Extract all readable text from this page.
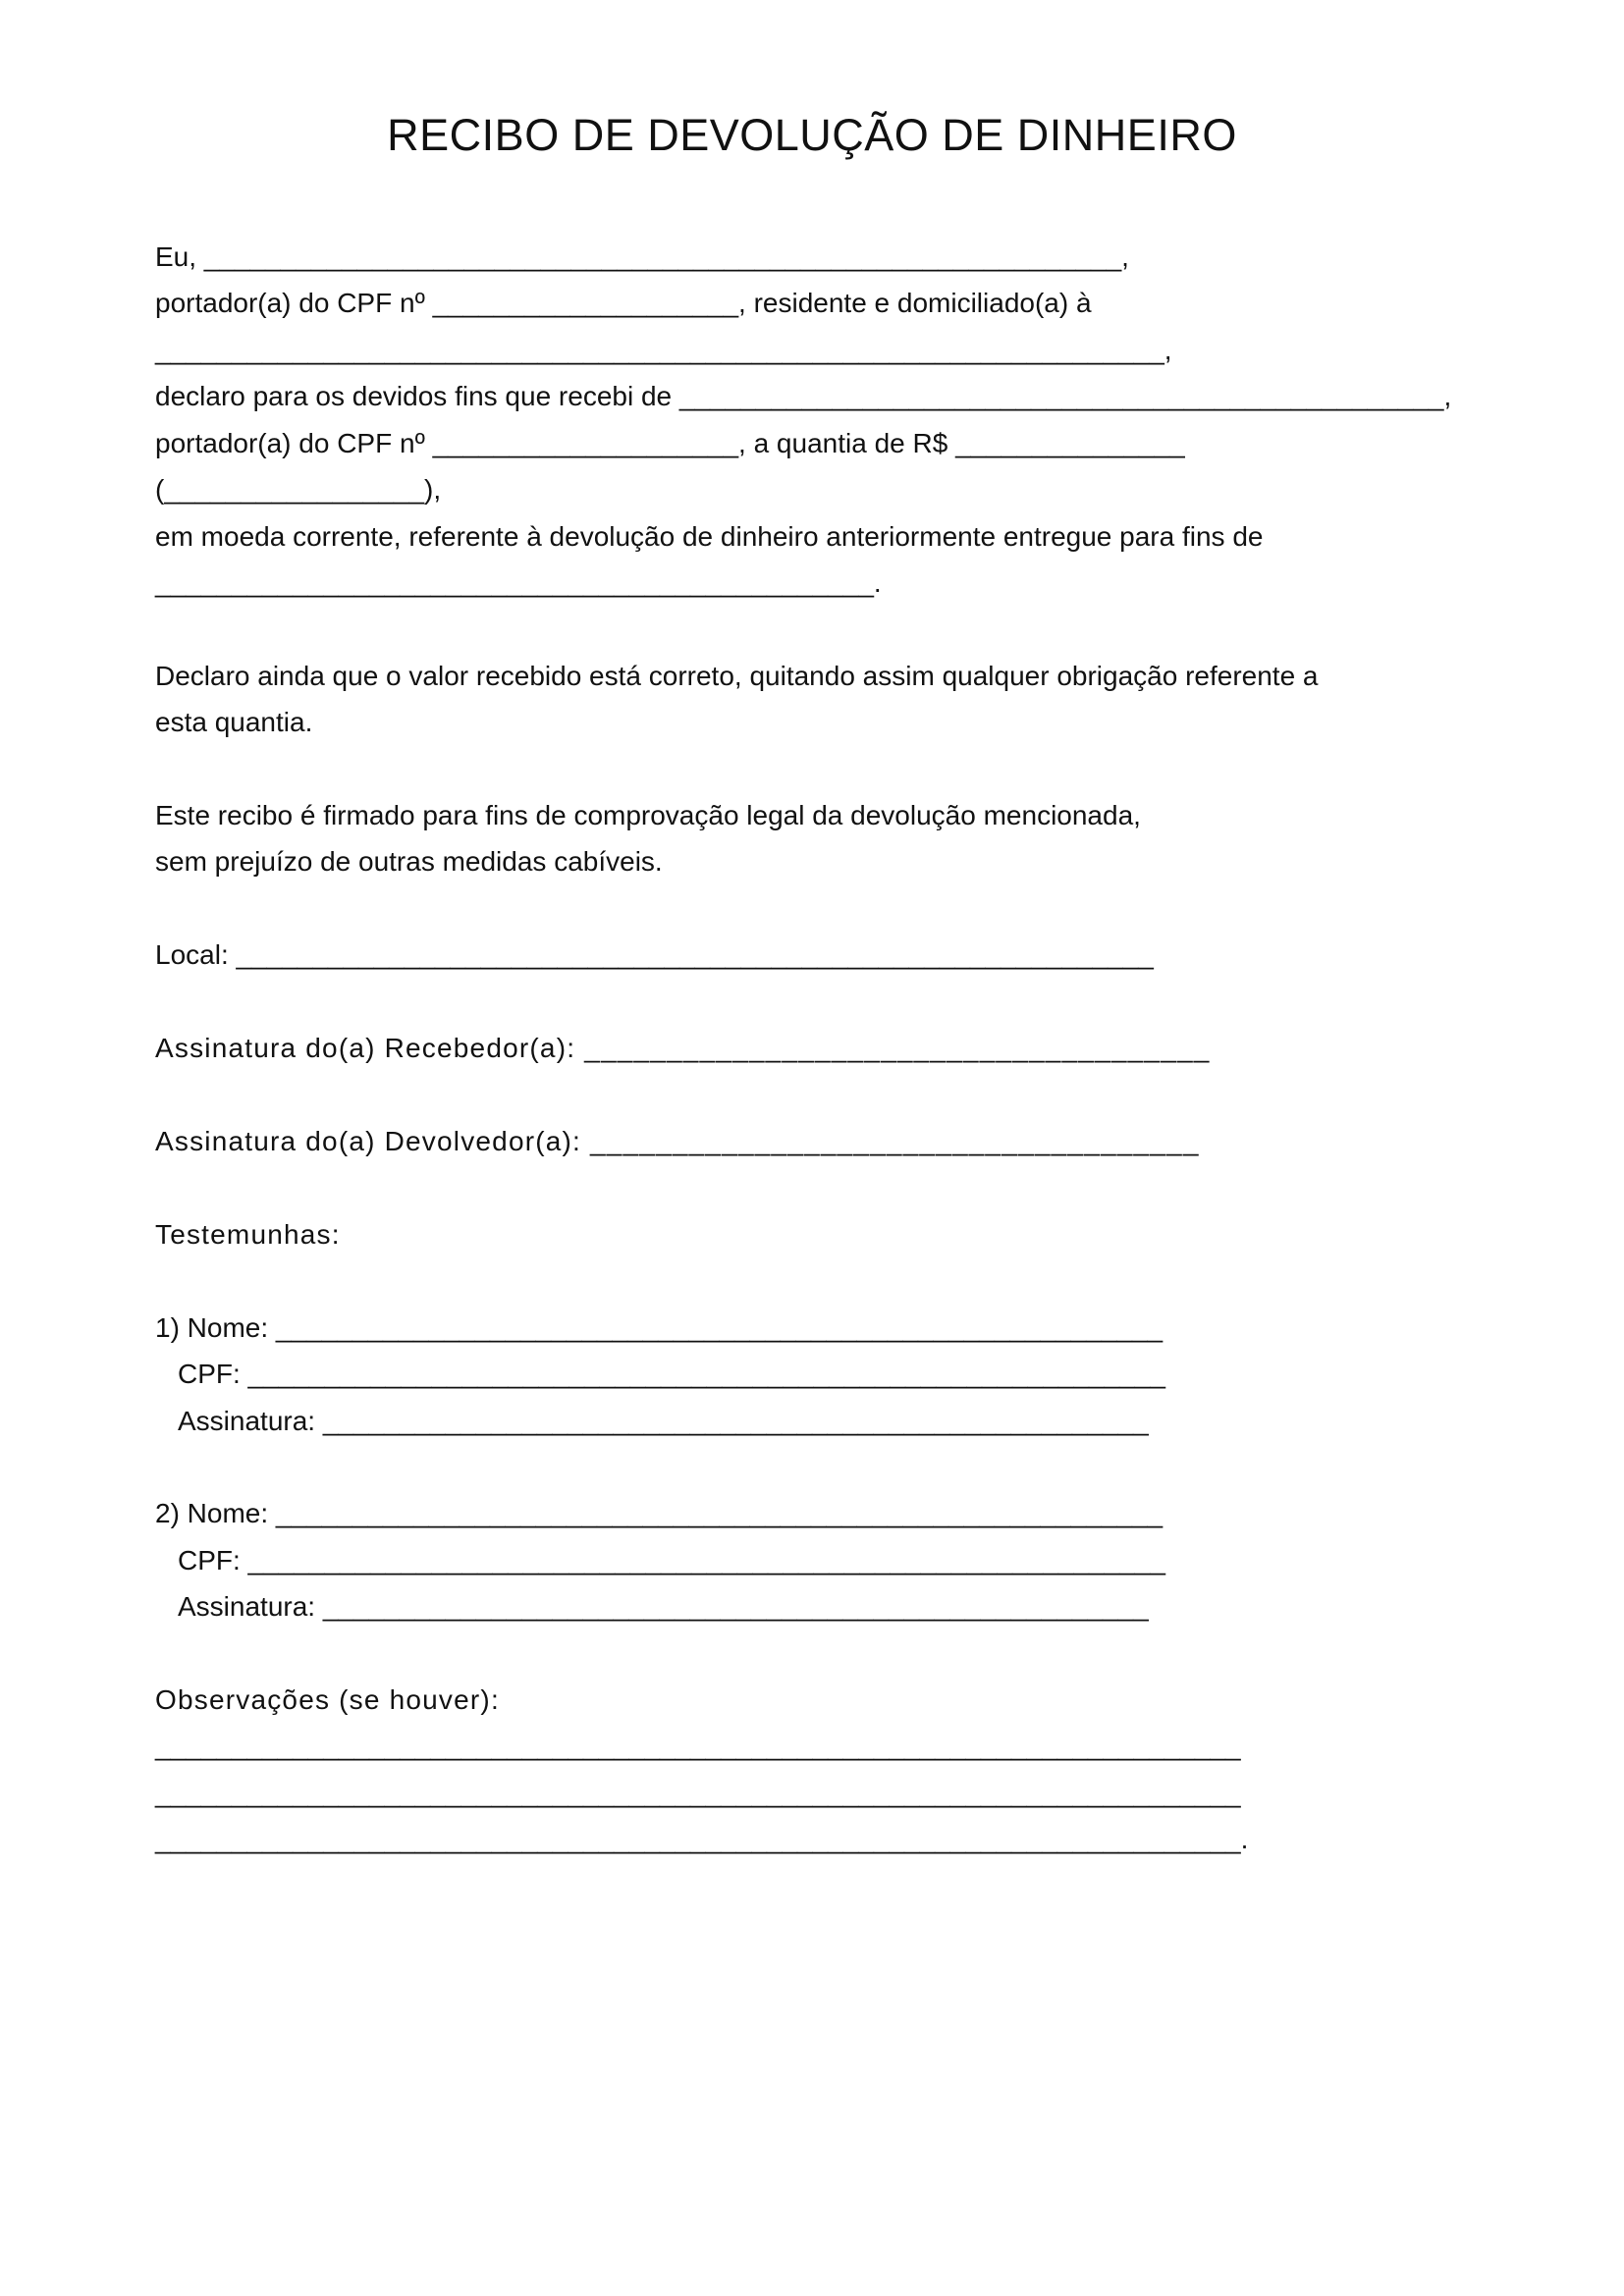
RECIBO DE DEVOLUÇÃO DE DINHEIRO
Eu, ____________________________________________________________,
portador(a) do CPF nº ____________________, residente e domiciliado(a) à
__________________________________________________________________,
declaro para os devidos fins que recebi de __________________________________________________,
portador(a) do CPF nº ____________________, a quantia de R$ _______________
(_________________),
em moeda corrente, referente à devolução de dinheiro anteriormente entregue para fins de
_______________________________________________.
Declaro ainda que o valor recebido está correto, quitando assim qualquer obrigação referente a
esta quantia.
Este recibo é firmado para fins de comprovação legal da devolução mencionada,
sem prejuízo de outras medidas cabíveis.
Local: ____________________________________________________________
Assinatura do(a) Recebedor(a): ______________________________________
Assinatura do(a) Devolvedor(a): _____________________________________
Testemunhas:
1) Nome: __________________________________________________________
CPF: ____________________________________________________________
Assinatura: ______________________________________________________
2) Nome: __________________________________________________________
CPF: ____________________________________________________________
Assinatura: ______________________________________________________
Observações (se houver):
_______________________________________________________________________
_______________________________________________________________________
_______________________________________________________________________.
